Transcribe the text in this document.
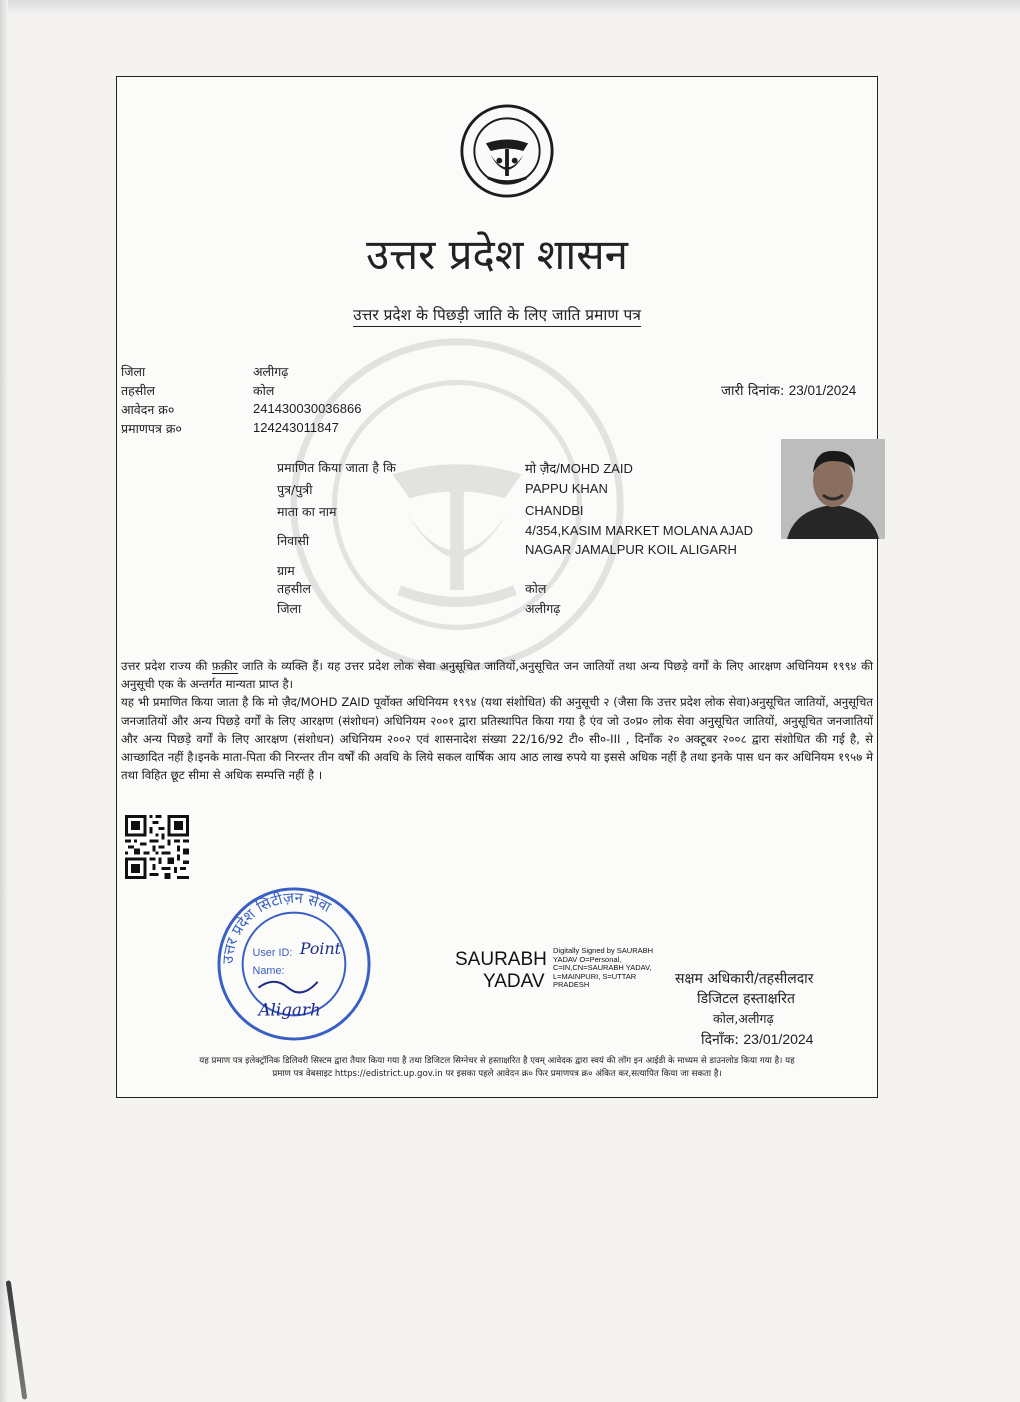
उत्तर प्रदेश शासन
उत्तर प्रदेश के पिछड़ी जाति के लिए जाति प्रमाण पत्र
जिला	अलीगढ़
तहसील	कोल
आवेदन क्र०	241430030036866
प्रमाणपत्र क्र०	124243011847
जारी दिनांक: 23/01/2024
प्रमाणित किया जाता है कि	मो ज़ैद/MOHD ZAID
पुत्र/पुत्री	PAPPU KHAN
माता का नाम	CHANDBI
निवासी
4/354,KASIM MARKET MOLANA AJAD
NAGAR JAMALPUR KOIL ALIGARH
ग्राम
तहसील	कोल
जिला	अलीगढ़

उत्तर प्रदेश राज्य की फ़क़ीर जाति के व्यक्ति हैं। यह उत्तर प्रदेश लोक सेवा अनुसूचित जातियों,अनुसूचित जन जातियों तथा अन्य पिछड़े वर्गों के लिए आरक्षण अधिनियम १९९४ की अनुसूची एक के अन्तर्गत मान्यता प्राप्त है।

यह भी प्रमाणित किया जाता है कि मो ज़ैद/MOHD ZAID पूर्वोक्त अधिनियम १९९४ (यथा संशोधित) की अनुसूची २ (जैसा कि उत्तर प्रदेश लोक सेवा)अनुसूचित जातियों, अनुसूचित जनजातियों और अन्य पिछड़े वर्गों के लिए आरक्षण (संशोधन) अधिनियम २००१ द्वारा प्रतिस्थापित किया गया है एंव जो उ०प्र० लोक सेवा अनुसूचित जातियों, अनुसूचित जनजातियों और अन्य पिछड़े वर्गों के लिए आरक्षण (संशोधन) अधिनियम २००२ एवं शासनादेश संख्या 22/16/92 टी० सी०-III , दिनाँक २० अक्टूबर २००८ द्वारा संशोधित की गई है, से आच्छादित नहीं है।इनके माता-पिता की निरन्तर तीन वर्षों की अवधि के लिये सकल वार्षिक आय आठ लाख रुपये या इससे अधिक नहीं है तथा इनके पास धन कर अधिनियम १९५७ मे तथा विहित छूट सीमा से अधिक सम्पत्ति नहीं है ।

उत्तर प्रदेश सिटीज़न सेवा
User ID: Point
Name:
Aligarh
SAURABH
YADAV
Digitally Signed by SAURABH
YADAV O=Personal,
C=IN,CN=SAURABH YADAV,
L=MAINPURI, S=UTTAR
PRADESH	सक्षम अधिकारी/तहसीलदार
डिजिटल हस्ताक्षरित
कोल,अलीगढ़
दिनाँक: 23/01/2024
यह प्रमाण पत्र इलेक्ट्रॉनिक डिलिवरी सिस्टम द्वारा तैयार किया गया है तथा डिजिटल सिग्नेचर से हस्ताक्षरित है एवम् आवेदक द्वारा स्वयं की लॉग इन आईडी के माध्यम से डाउनलोड किया गया है। यह
प्रमाण पत्र वेबसाइट https://edistrict.up.gov.in पर इसका पहले आवेदन क्र० फिर प्रमाणपत्र क्र० अंकित कर,सत्यापित किया जा सकता है।
